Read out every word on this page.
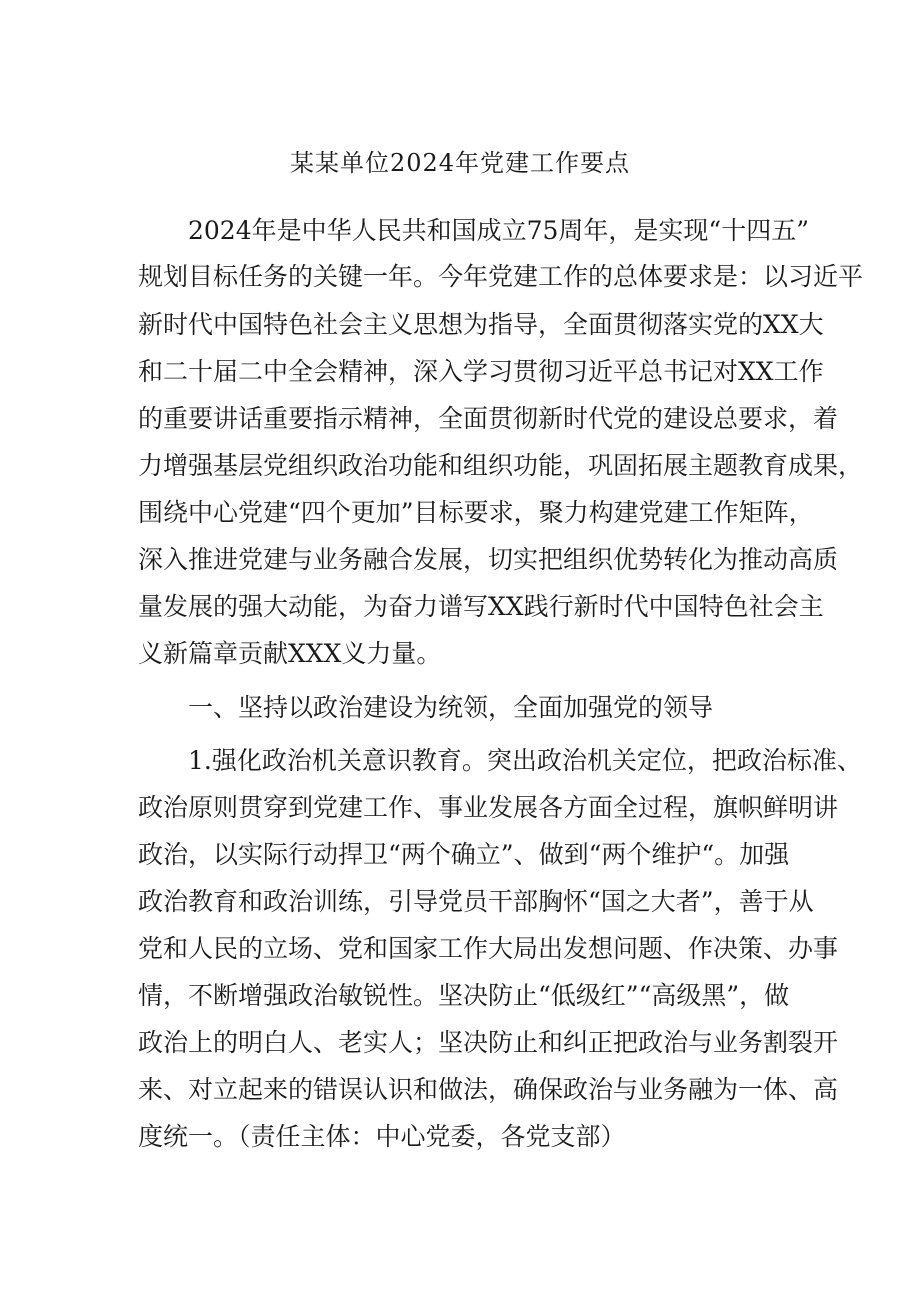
某某单位2024年党建工作要点

2024年是中华人民共和国成立75周年，是实现“十四五”

规划目标任务的关键一年。今年党建工作的总体要求是：以习近平

新时代中国特色社会主义思想为指导，全面贯彻落实党的XX大

和二十届二中全会精神，深入学习贯彻习近平总书记对XX工作

的重要讲话重要指示精神，全面贯彻新时代党的建设总要求，着

力增强基层党组织政治功能和组织功能，巩固拓展主题教育成果，

围绕中心党建“四个更加”目标要求，聚力构建党建工作矩阵，

深入推进党建与业务融合发展，切实把组织优势转化为推动高质

量发展的强大动能，为奋力谱写XX践行新时代中国特色社会主

义新篇章贡献XXX义力量。

一、坚持以政治建设为统领，全面加强党的领导

1.强化政治机关意识教育。突出政治机关定位，把政治标准、

政治原则贯穿到党建工作、事业发展各方面全过程，旗帜鲜明讲

政治，以实际行动捍卫“两个确立”、做到“两个维护“。加强

政治教育和政治训练，引导党员干部胸怀“国之大者”，善于从

党和人民的立场、党和国家工作大局出发想问题、作决策、办事

情，不断增强政治敏锐性。坚决防止“低级红”“高级黑”，做

政治上的明白人、老实人；坚决防止和纠正把政治与业务割裂开

来、对立起来的错误认识和做法，确保政治与业务融为一体、高

度统一。（责任主体：中心党委，各党支部）
